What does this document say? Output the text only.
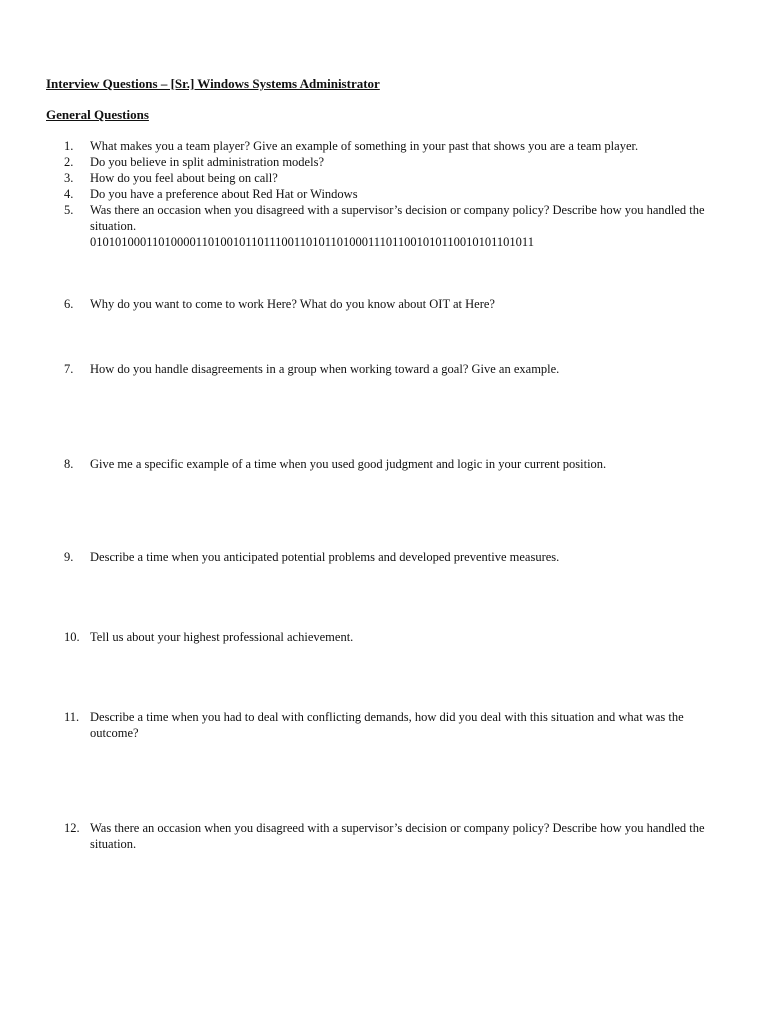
Interview Questions – [Sr.] Windows Systems Administrator
General Questions
1.	What makes you a team player? Give an example of something in your past that shows you are a team player.
2.	Do you believe in split administration models?
3.	How do you feel about being on call?
4.	Do you have a preference about Red Hat or Windows
5.	Was there an occasion when you disagreed with a supervisor’s decision or company policy? Describe how you handled the situation.
010101000110100001101001011011100110101101000111011001010110010101101011
6.	Why do you want to come to work Here? What do you know about OIT at Here?
7.	How do you handle disagreements in a group when working toward a goal? Give an example.
8.	Give me a specific example of a time when you used good judgment and logic in your current position.
9.	Describe a time when you anticipated potential problems and developed preventive measures.
10. Tell us about your highest professional achievement.
11. Describe a time when you had to deal with conflicting demands, how did you deal with this situation and what was the outcome?
12. Was there an occasion when you disagreed with a supervisor’s decision or company policy? Describe how you handled the situation.
